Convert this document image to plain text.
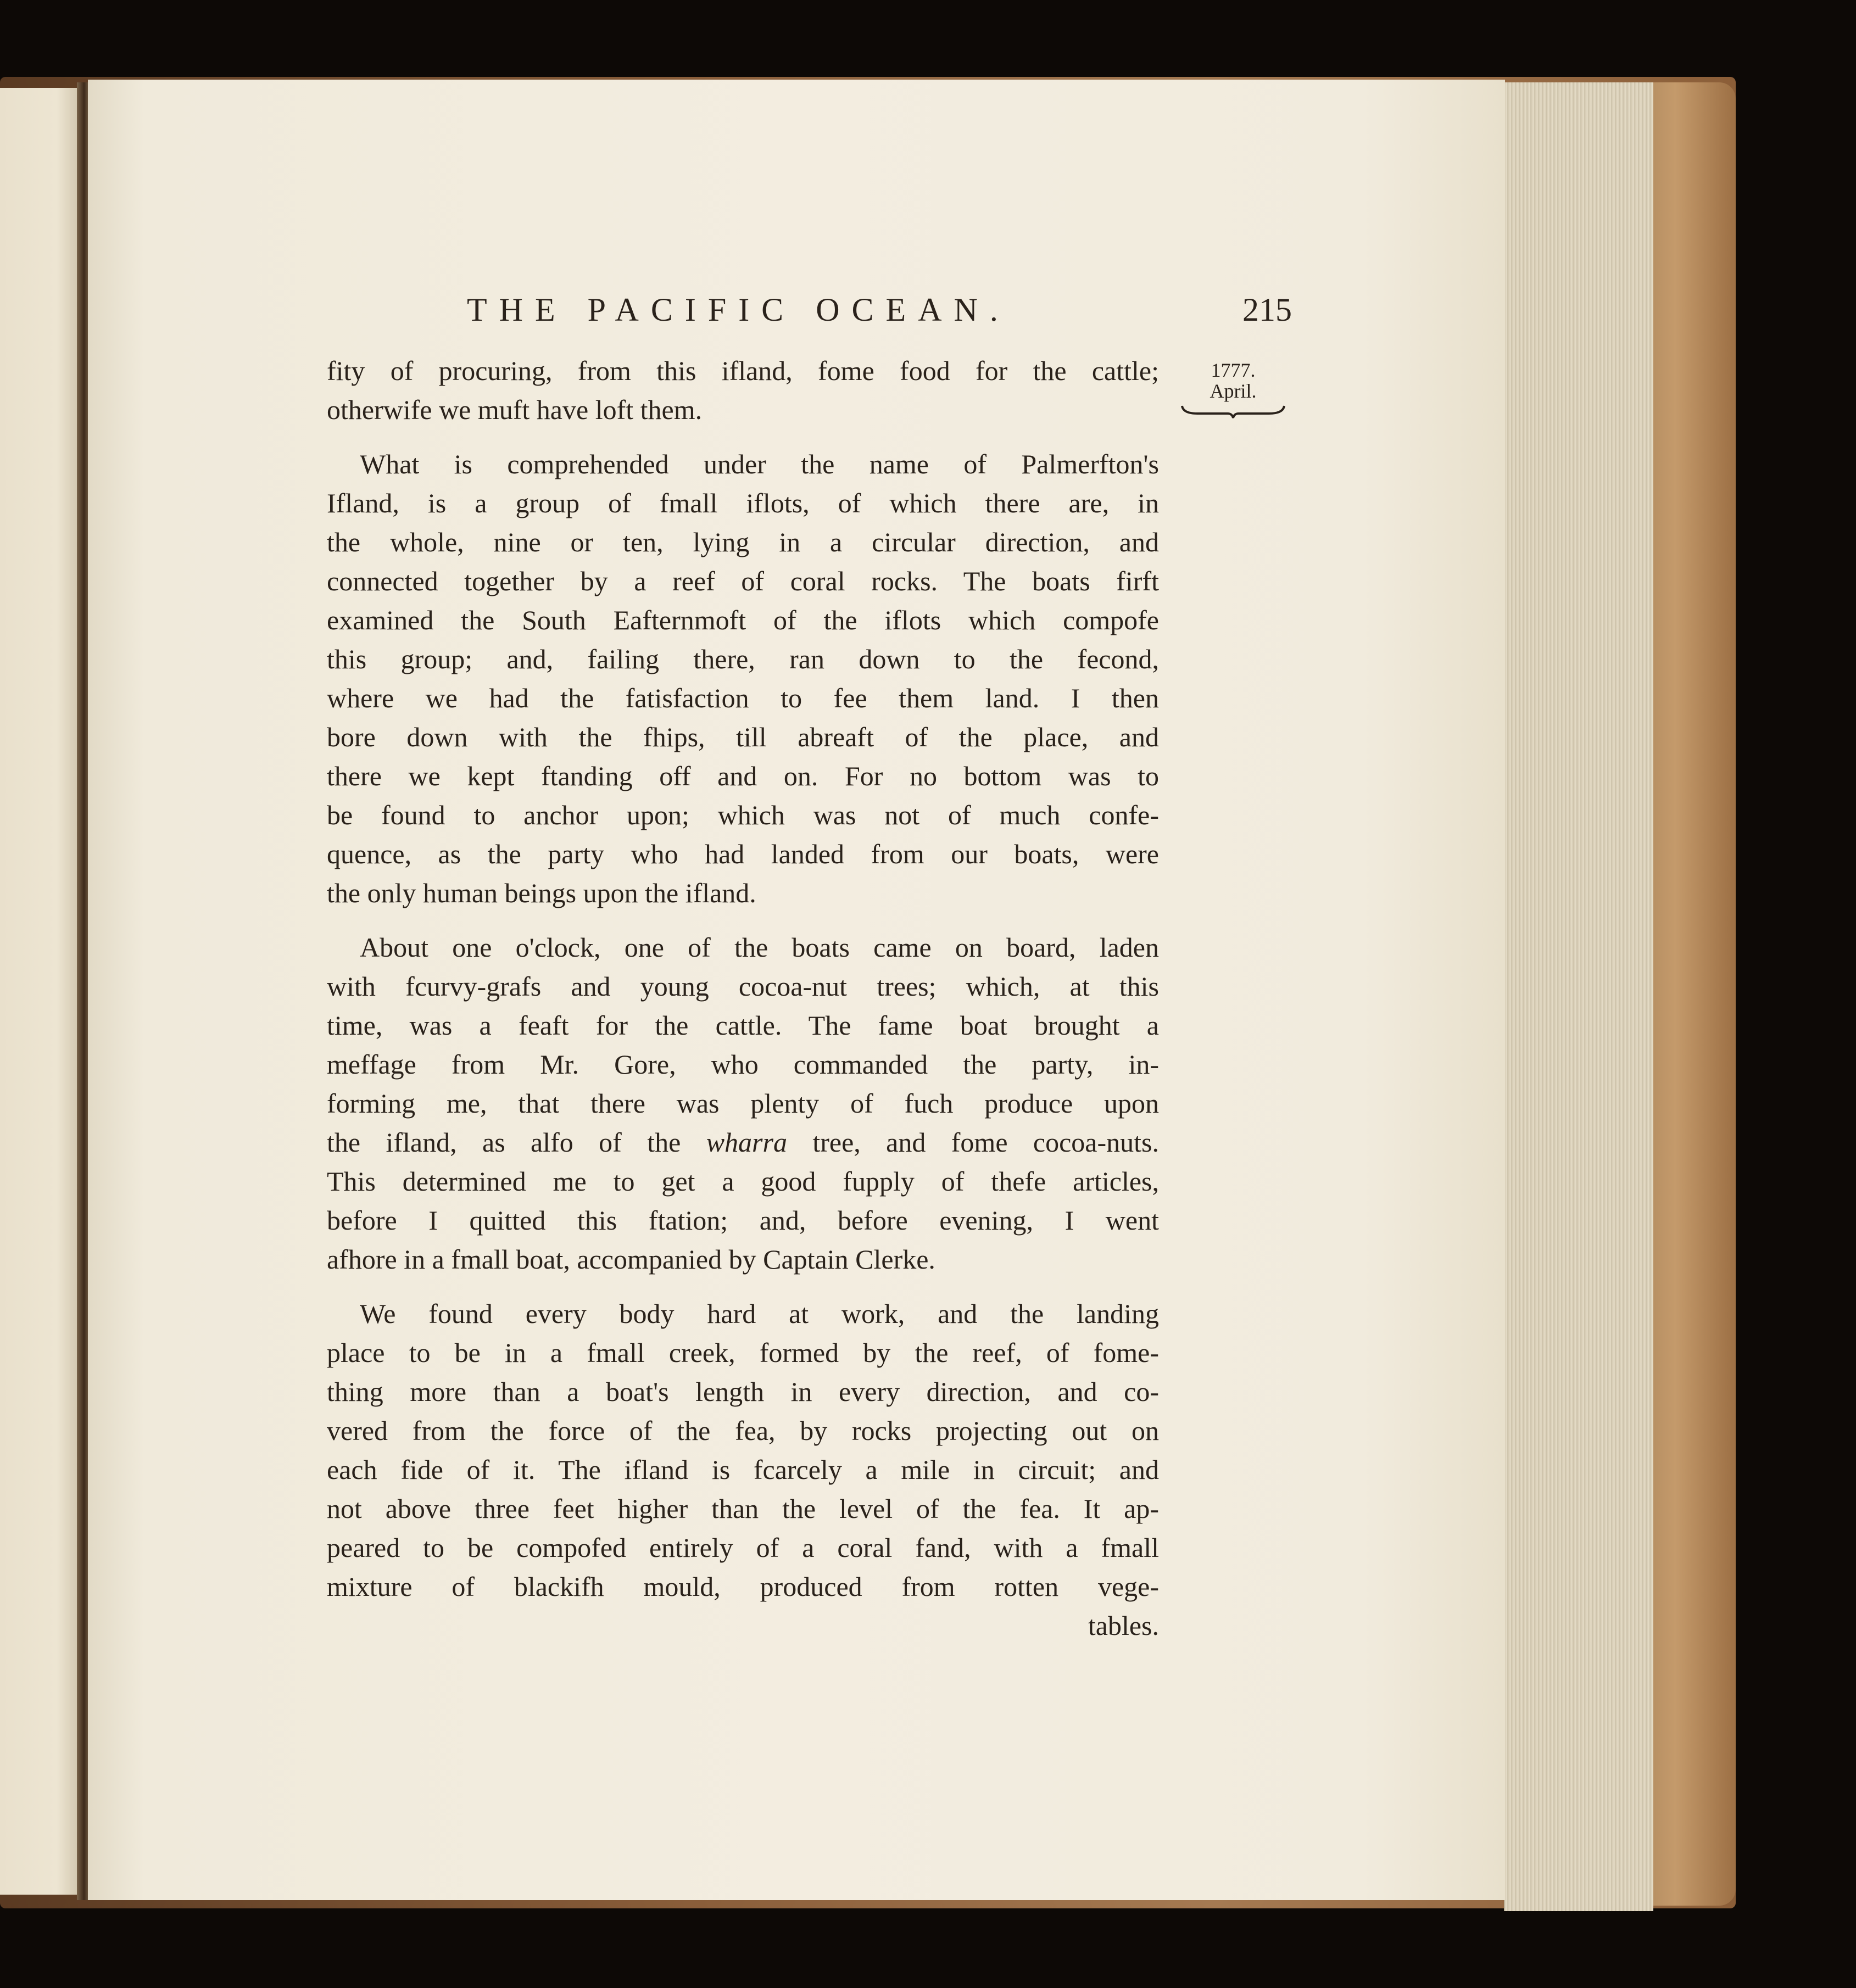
THE PACIFIC OCEAN.	215
1777.
April.
fity of procuring, from this ifland, fome food for the cattle;
otherwife we muft have loft them.
What is comprehended under the name of Palmerfton's
Ifland, is a group of fmall iflots, of which there are, in
the whole, nine or ten, lying in a circular direction, and
connected together by a reef of coral rocks. The boats firft
examined the South Eafternmoft of the iflots which compofe
this group; and, failing there, ran down to the fecond,
where we had the fatisfaction to fee them land. I then
bore down with the fhips, till abreaft of the place, and
there we kept ftanding off and on. For no bottom was to
be found to anchor upon; which was not of much confe-
quence, as the party who had landed from our boats, were
the only human beings upon the ifland.
About one o'clock, one of the boats came on board, laden
with fcurvy-grafs and young cocoa-nut trees; which, at this
time, was a feaft for the cattle. The fame boat brought a
meffage from Mr. Gore, who commanded the party, in-
forming me, that there was plenty of fuch produce upon
the ifland, as alfo of the wharra tree, and fome cocoa-nuts.
This determined me to get a good fupply of thefe articles,
before I quitted this ftation; and, before evening, I went
afhore in a fmall boat, accompanied by Captain Clerke.
We found every body hard at work, and the landing
place to be in a fmall creek, formed by the reef, of fome-
thing more than a boat's length in every direction, and co-
vered from the force of the fea, by rocks projecting out on
each fide of it. The ifland is fcarcely a mile in circuit; and
not above three feet higher than the level of the fea. It ap-
peared to be compofed entirely of a coral fand, with a fmall
mixture of blackifh mould, produced from rotten vege-
tables.
